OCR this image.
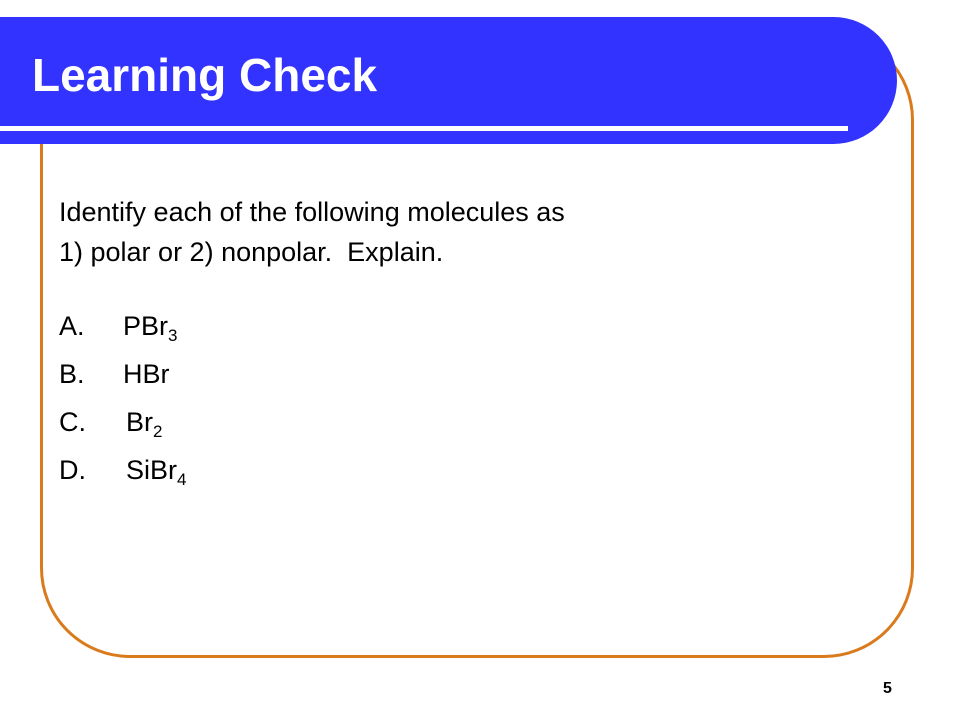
Learning Check
Identify each of the following molecules as
1) polar or 2) nonpolar.  Explain.
A. PBr$_3$
B. HBr
C. $Br_2$
D. SiBr$_4$
5
